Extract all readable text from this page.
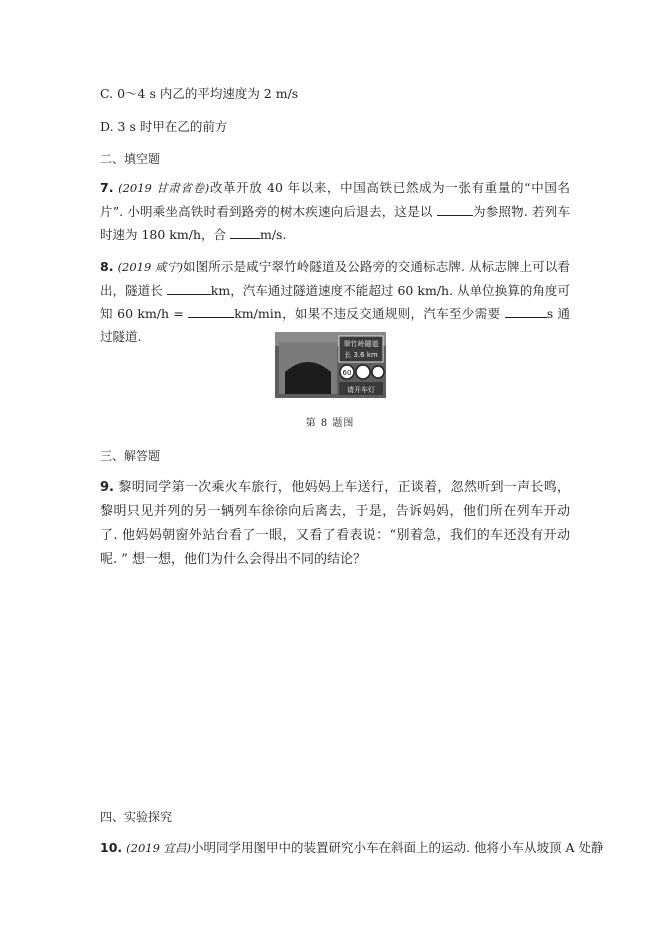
C. 0～4 s 内乙的平均速度为 2 m/s
D. 3 s 时甲在乙的前方
二、填空题
7. (2019 甘肃省卷)改革开放 40 年以来，中国高铁已然成为一张有重量的“中国名片”. 小明乘坐高铁时看到路旁的树木疾速向后退去，这是以	为参照物. 若列车时速为 180 km/h，合	m/s.
8. (2019 咸宁)如图所示是咸宁翠竹岭隧道及公路旁的交通标志牌. 从标志牌上可以看出，隧道长	km，汽车通过隧道速度不能超过 60 km/h. 从单位换算的角度可知 60 km/h =	km/min，如果不违反交通规则，汽车至少需要	s 通过隧道.	翠竹岭隧道
长 3.6 km
60
请开车灯
第 8 题图
三、解答题
9. 黎明同学第一次乘火车旅行，他妈妈上车送行，正谈着，忽然听到一声长鸣，黎明只见并列的另一辆列车徐徐向后离去，于是，告诉妈妈，他们所在列车开动了. 他妈妈朝窗外站台看了一眼，又看了看表说：“别着急，我们的车还没有开动呢. ” 想一想，他们为什么会得出不同的结论？
四、实验探究
10. (2019 宜昌)小明同学用图甲中的装置研究小车在斜面上的运动. 他将小车从坡顶 A 处静
